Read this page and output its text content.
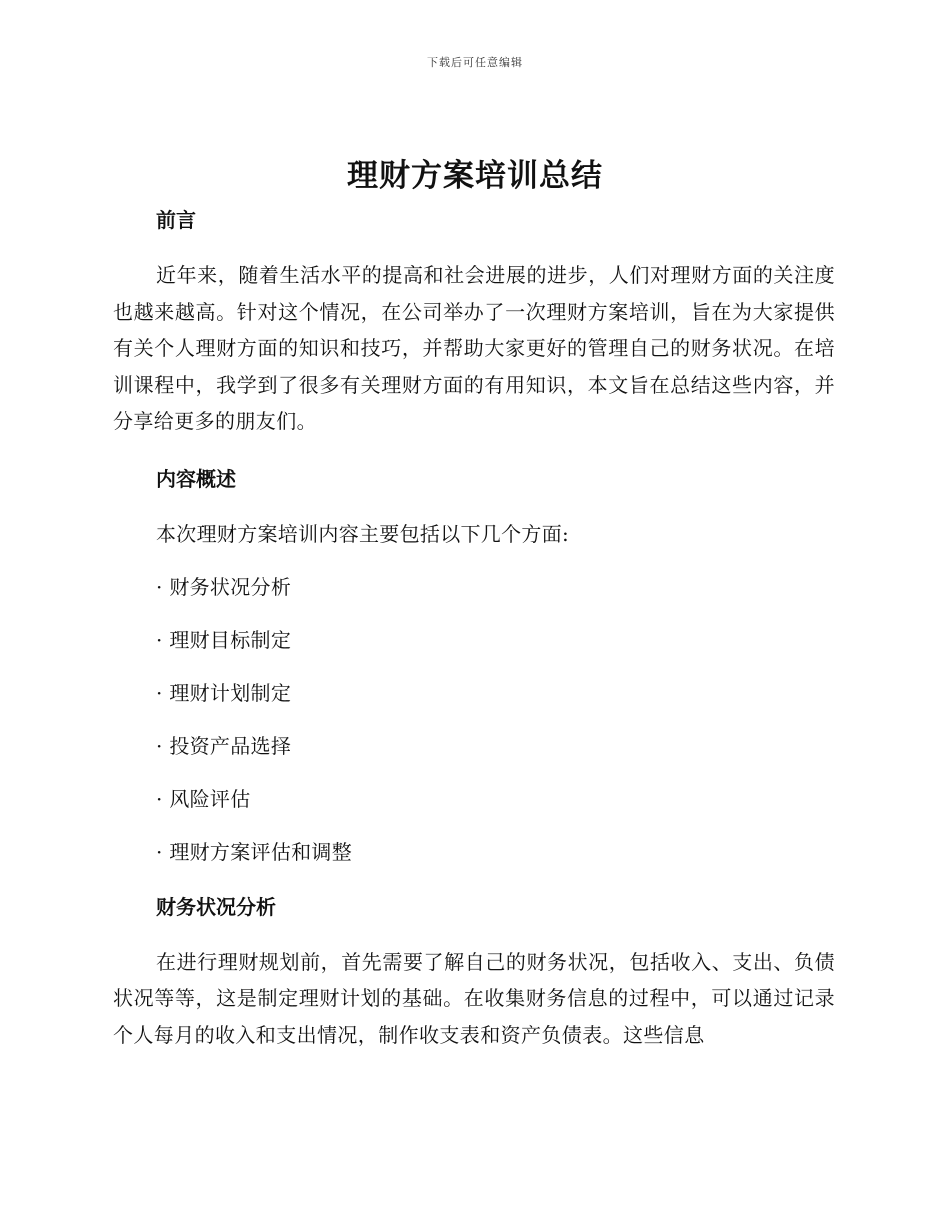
下载后可任意编辑
理财方案培训总结
前言

近年来，随着生活水平的提高和社会进展的进步，人们对理财方面的关注度也越来越高。针对这个情况，在公司举办了一次理财方案培训，旨在为大家提供有关个人理财方面的知识和技巧，并帮助大家更好的管理自己的财务状况。在培训课程中，我学到了很多有关理财方面的有用知识，本文旨在总结这些内容，并分享给更多的朋友们。

内容概述

本次理财方案培训内容主要包括以下几个方面:

· 财务状况分析

· 理财目标制定

· 理财计划制定

· 投资产品选择

· 风险评估

· 理财方案评估和调整

财务状况分析

在进行理财规划前，首先需要了解自己的财务状况，包括收入、支出、负债状况等等，这是制定理财计划的基础。在收集财务信息的过程中，可以通过记录个人每月的收入和支出情况，制作收支表和资产负债表。这些信息
